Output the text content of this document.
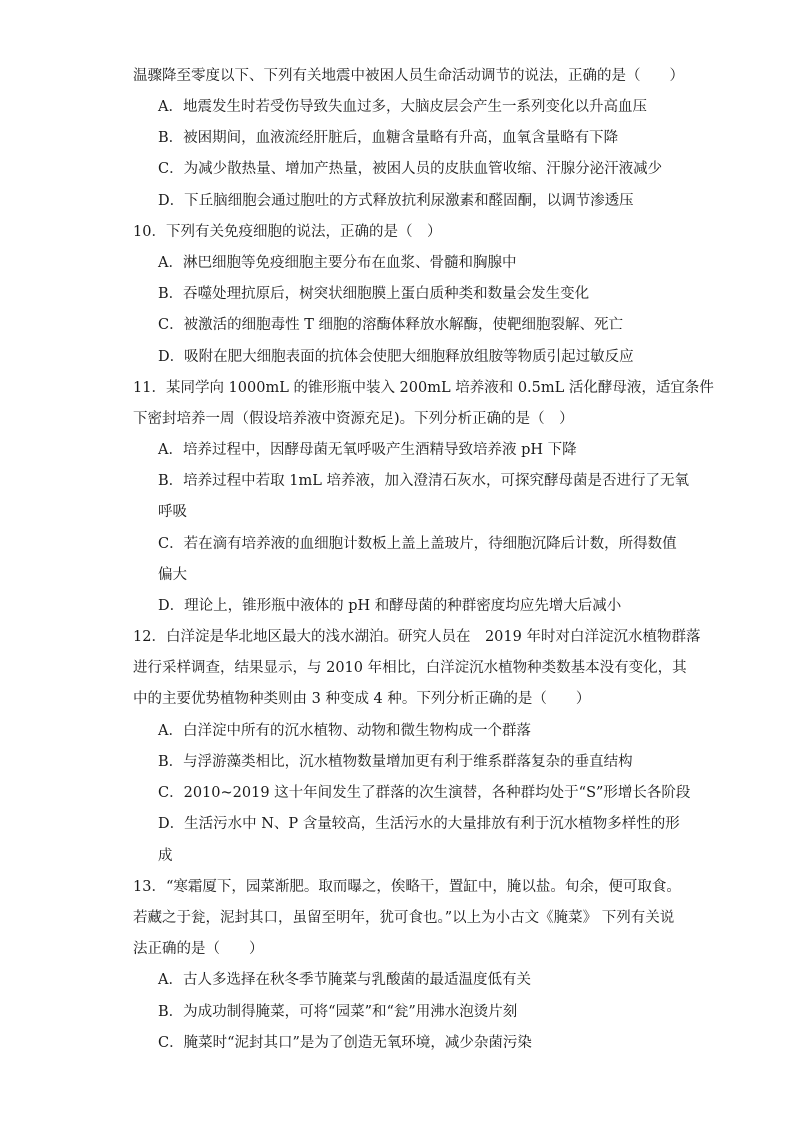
温骤降至零度以下、下列有关地震中被困人员生命活动调节的说法，正确的是（　　）
A．地震发生时若受伤导致失血过多，大脑皮层会产生一系列变化以升高血压
B．被困期间，血液流经肝脏后，血糖含量略有升高，血氧含量略有下降
C．为减少散热量、增加产热量，被困人员的皮肤血管收缩、汗腺分泌汗液减少
D．下丘脑细胞会通过胞吐的方式释放抗利尿激素和醛固酮，以调节渗透压
10．下列有关免疫细胞的说法，正确的是（　）
A．淋巴细胞等免疫细胞主要分布在血浆、骨髓和胸腺中
B．吞噬处理抗原后，树突状细胞膜上蛋白质种类和数量会发生变化
C．被激活的细胞毒性 T 细胞的溶酶体释放水解酶，使靶细胞裂解、死亡
D．吸附在肥大细胞表面的抗体会使肥大细胞释放组胺等物质引起过敏反应
11．某同学向 1000mL 的锥形瓶中装入 200mL 培养液和 0.5mL 活化酵母液，适宜条件
下密封培养一周（假设培养液中资源充足)。下列分析正确的是（　）
A．培养过程中，因酵母菌无氧呼吸产生酒精导致培养液 pH 下降
B．培养过程中若取 1mL 培养液，加入澄清石灰水，可探究酵母菌是否进行了无氧
呼吸
C．若在滴有培养液的血细胞计数板上盖上盖玻片，待细胞沉降后计数，所得数值
偏大
D．理论上，锥形瓶中液体的 pH 和酵母菌的种群密度均应先增大后减小
12．白洋淀是华北地区最大的浅水湖泊。研究人员在　2019 年时对白洋淀沉水植物群落
进行采样调查，结果显示，与 2010 年相比，白洋淀沉水植物种类数基本没有变化，其
中的主要优势植物种类则由 3 种变成 4 种。下列分析正确的是（　　）
A．白洋淀中所有的沉水植物、动物和微生物构成一个群落
B．与浮游藻类相比，沉水植物数量增加更有利于维系群落复杂的垂直结构
C．2010~2019 这十年间发生了群落的次生演替，各种群均处于“S”形增长各阶段
D．生活污水中 N、P 含量较高，生活污水的大量排放有利于沉水植物多样性的形
成
13．“寒霜厦下，园菜渐肥。取而曝之，俟略干，置缸中，腌以盐。旬余，便可取食。
若藏之于瓮，泥封其口，虽留至明年，犹可食也。”以上为小古文《腌菜》 下列有关说
法正确的是（　　）
A．古人多选择在秋冬季节腌菜与乳酸菌的最适温度低有关
B．为成功制得腌菜，可将“园菜”和“瓮”用沸水泡烫片刻
C．腌菜时“泥封其口”是为了创造无氧环境，减少杂菌污染
